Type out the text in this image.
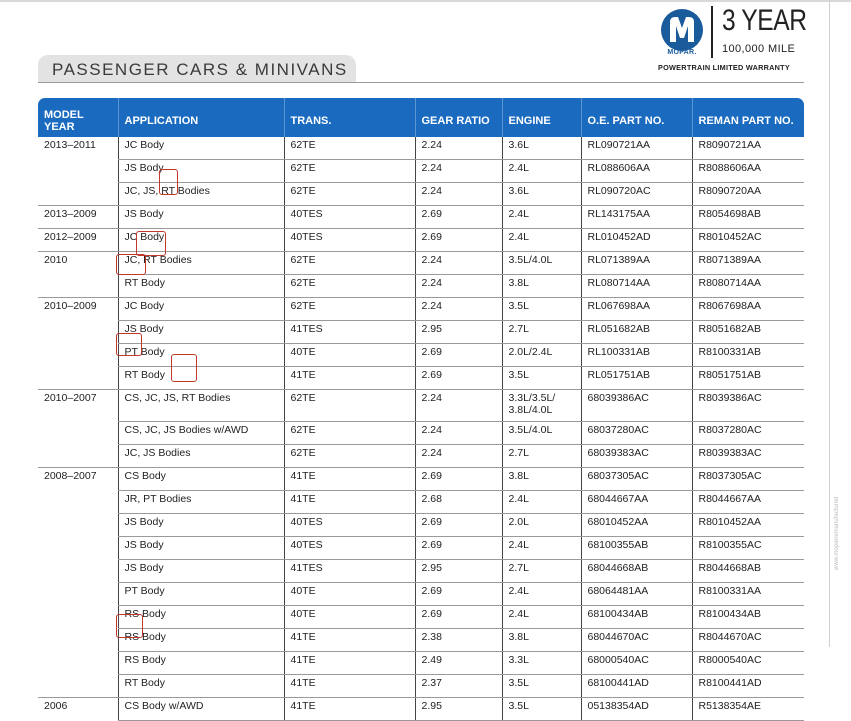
www.moparremanufactured
MOPAR.
3 YEAR
100,000 MILE
POWERTRAIN LIMITED WARRANTY
PASSENGER CARS & MINIVANS
MODEL YEAR	APPLICATION	TRANS.	GEAR RATIO	ENGINE	O.E. PART NO.	REMAN PART NO.
2013–2011	JC Body	62TE	2.24	3.6L	RL090721AA	R8090721AA
	JS Body	62TE	2.24	2.4L	RL088606AA	R8088606AA
	JC, JS, RT Bodies	62TE	2.24	3.6L	RL090720AC	R8090720AA
2013–2009	JS Body	40TES	2.69	2.4L	RL143175AA	R8054698AB
2012–2009	JC Body	40TES	2.69	2.4L	RL010452AD	R8010452AC
2010	JC, RT Bodies	62TE	2.24	3.5L/4.0L	RL071389AA	R8071389AA
	RT Body	62TE	2.24	3.8L	RL080714AA	R8080714AA
2010–2009	JC Body	62TE	2.24	3.5L	RL067698AA	R8067698AA
	JS Body	41TES	2.95	2.7L	RL051682AB	R8051682AB
	PT Body	40TE	2.69	2.0L/2.4L	RL100331AB	R8100331AB
	RT Body	41TE	2.69	3.5L	RL051751AB	R8051751AB
2010–2007	CS, JC, JS, RT Bodies	62TE	2.24	3.3L/3.5L/
3.8L/4.0L	68039386AC	R8039386AC
	CS, JC, JS Bodies w/AWD	62TE	2.24	3.5L/4.0L	68037280AC	R8037280AC
	JC, JS Bodies	62TE	2.24	2.7L	68039383AC	R8039383AC
2008–2007	CS Body	41TE	2.69	3.8L	68037305AC	R8037305AC
	JR, PT Bodies	41TE	2.68	2.4L	68044667AA	R8044667AA
	JS Body	40TES	2.69	2.0L	68010452AA	R8010452AA
	JS Body	40TES	2.69	2.4L	68100355AB	R8100355AC
	JS Body	41TES	2.95	2.7L	68044668AB	R8044668AB
	PT Body	40TE	2.69	2.4L	68064481AA	R8100331AA
	RS Body	40TE	2.69	2.4L	68100434AB	R8100434AB
	RS Body	41TE	2.38	3.8L	68044670AC	R8044670AC
	RS Body	41TE	2.49	3.3L	68000540AC	R8000540AC
	RT Body	41TE	2.37	3.5L	68100441AD	R8100441AD
2006	CS Body w/AWD	41TE	2.95	3.5L	05138354AD	R5138354AE
